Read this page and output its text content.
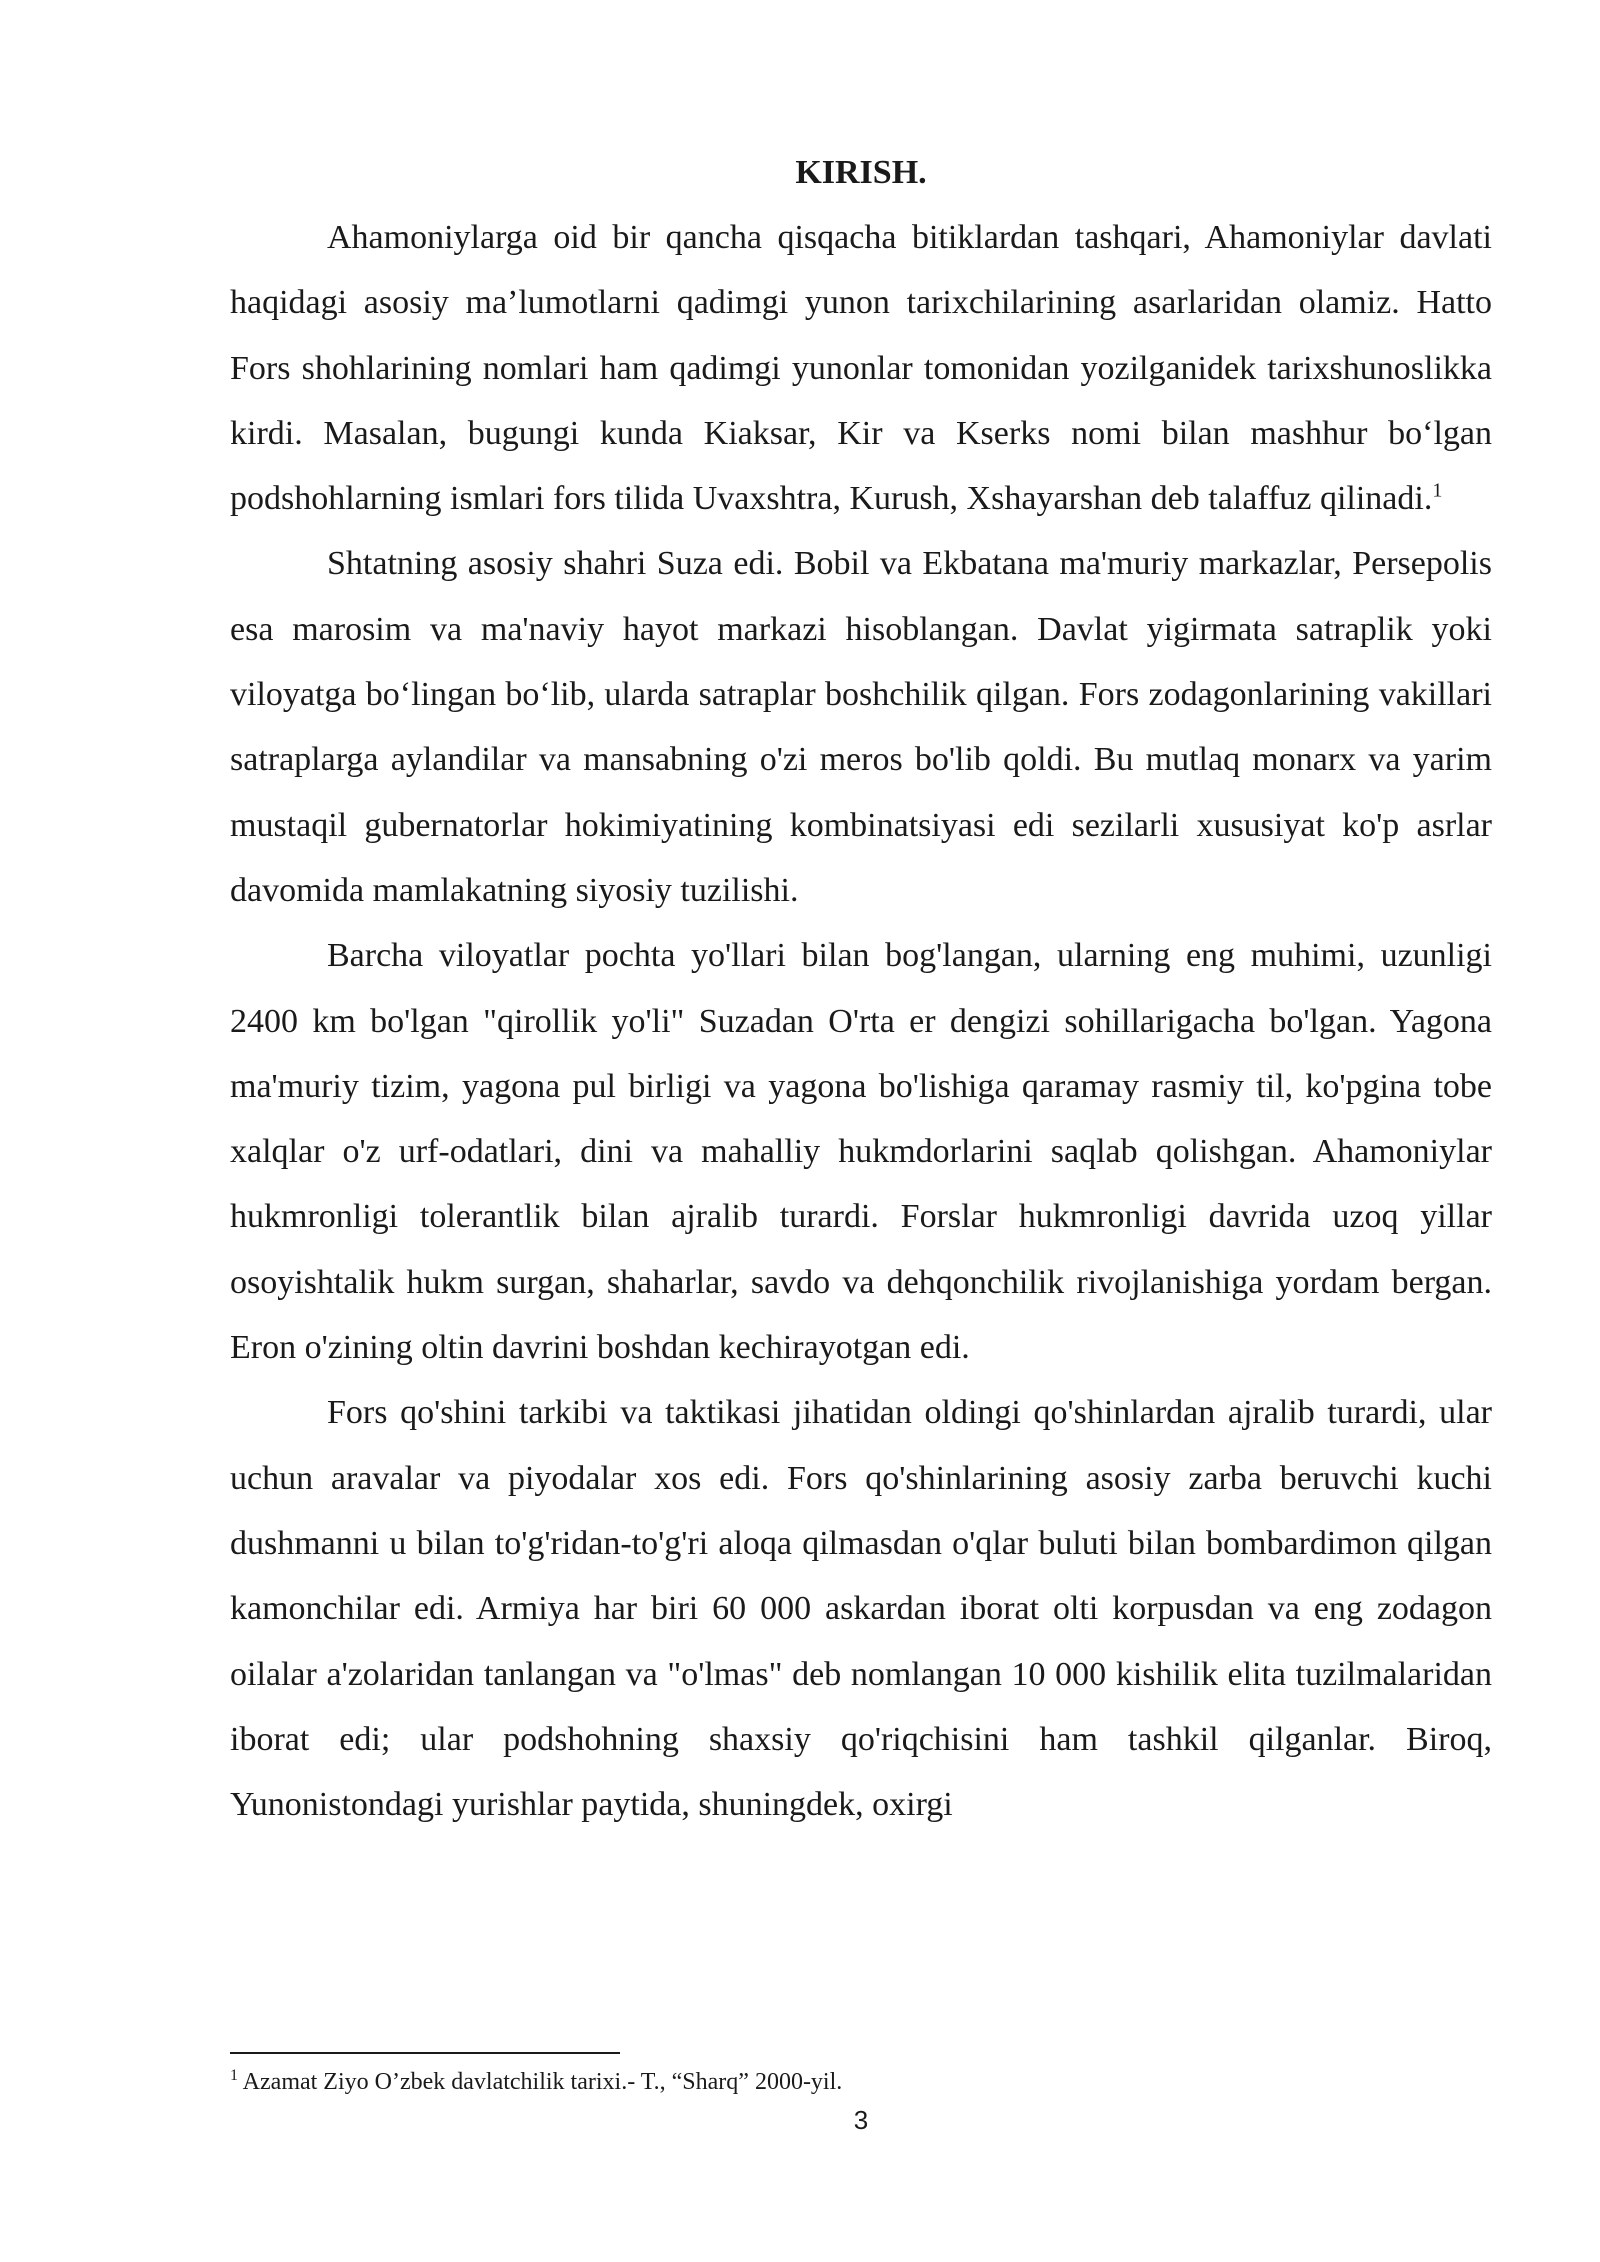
KIRISH.

Ahamoniylarga oid bir qancha qisqacha bitiklardan tashqari, Ahamoniylar davlati haqidagi asosiy ma’lumotlarni qadimgi yunon tarixchilarining asarlaridan olamiz. Hatto Fors shohlarining nomlari ham qadimgi yunonlar tomonidan yozilganidek tarixshunoslikka kirdi. Masalan, bugungi kunda Kiaksar, Kir va Kserks nomi bilan mashhur bo‘lgan podshohlarning ismlari fors tilida Uvaxshtra, Kurush, Xshayarshan deb talaffuz qilinadi.$^1$

Shtatning asosiy shahri Suza edi. Bobil va Ekbatana ma'muriy markazlar, Persepolis esa marosim va ma'naviy hayot markazi hisoblangan. Davlat yigirmata satraplik yoki viloyatga bo‘lingan bo‘lib, ularda satraplar boshchilik qilgan. Fors zodagonlarining vakillari satraplarga aylandilar va mansabning o'zi meros bo'lib qoldi. Bu mutlaq monarx va yarim mustaqil gubernatorlar hokimiyatining kombinatsiyasi edi sezilarli xususiyat ko'p asrlar davomida mamlakatning siyosiy tuzilishi.

Barcha viloyatlar pochta yo'llari bilan bog'langan, ularning eng muhimi, uzunligi 2400 km bo'lgan "qirollik yo'li" Suzadan O'rta er dengizi sohillarigacha bo'lgan. Yagona ma'muriy tizim, yagona pul birligi va yagona bo'lishiga qaramay rasmiy til, ko'pgina tobe xalqlar o'z urf-odatlari, dini va mahalliy hukmdorlarini saqlab qolishgan. Ahamoniylar hukmronligi tolerantlik bilan ajralib turardi. Forslar hukmronligi davrida uzoq yillar osoyishtalik hukm surgan, shaharlar, savdo va dehqonchilik rivojlanishiga yordam bergan. Eron o'zining oltin davrini boshdan kechirayotgan edi.

Fors qo'shini tarkibi va taktikasi jihatidan oldingi qo'shinlardan ajralib turardi, ular uchun aravalar va piyodalar xos edi. Fors qo'shinlarining asosiy zarba beruvchi kuchi dushmanni u bilan to'g'ridan-to'g'ri aloqa qilmasdan o'qlar buluti bilan bombardimon qilgan kamonchilar edi. Armiya har biri 60 000 askardan iborat olti korpusdan va eng zodagon oilalar a'zolaridan tanlangan va "o'lmas" deb nomlangan 10 000 kishilik elita tuzilmalaridan iborat edi; ular podshohning shaxsiy qo'riqchisini ham tashkil qilganlar. Biroq, Yunonistondagi yurishlar paytida, shuningdek, oxirgi

$^1$ Azamat Ziyo O’zbek davlatchilik tarixi.- T., “Sharq” 2000-yil.
3
